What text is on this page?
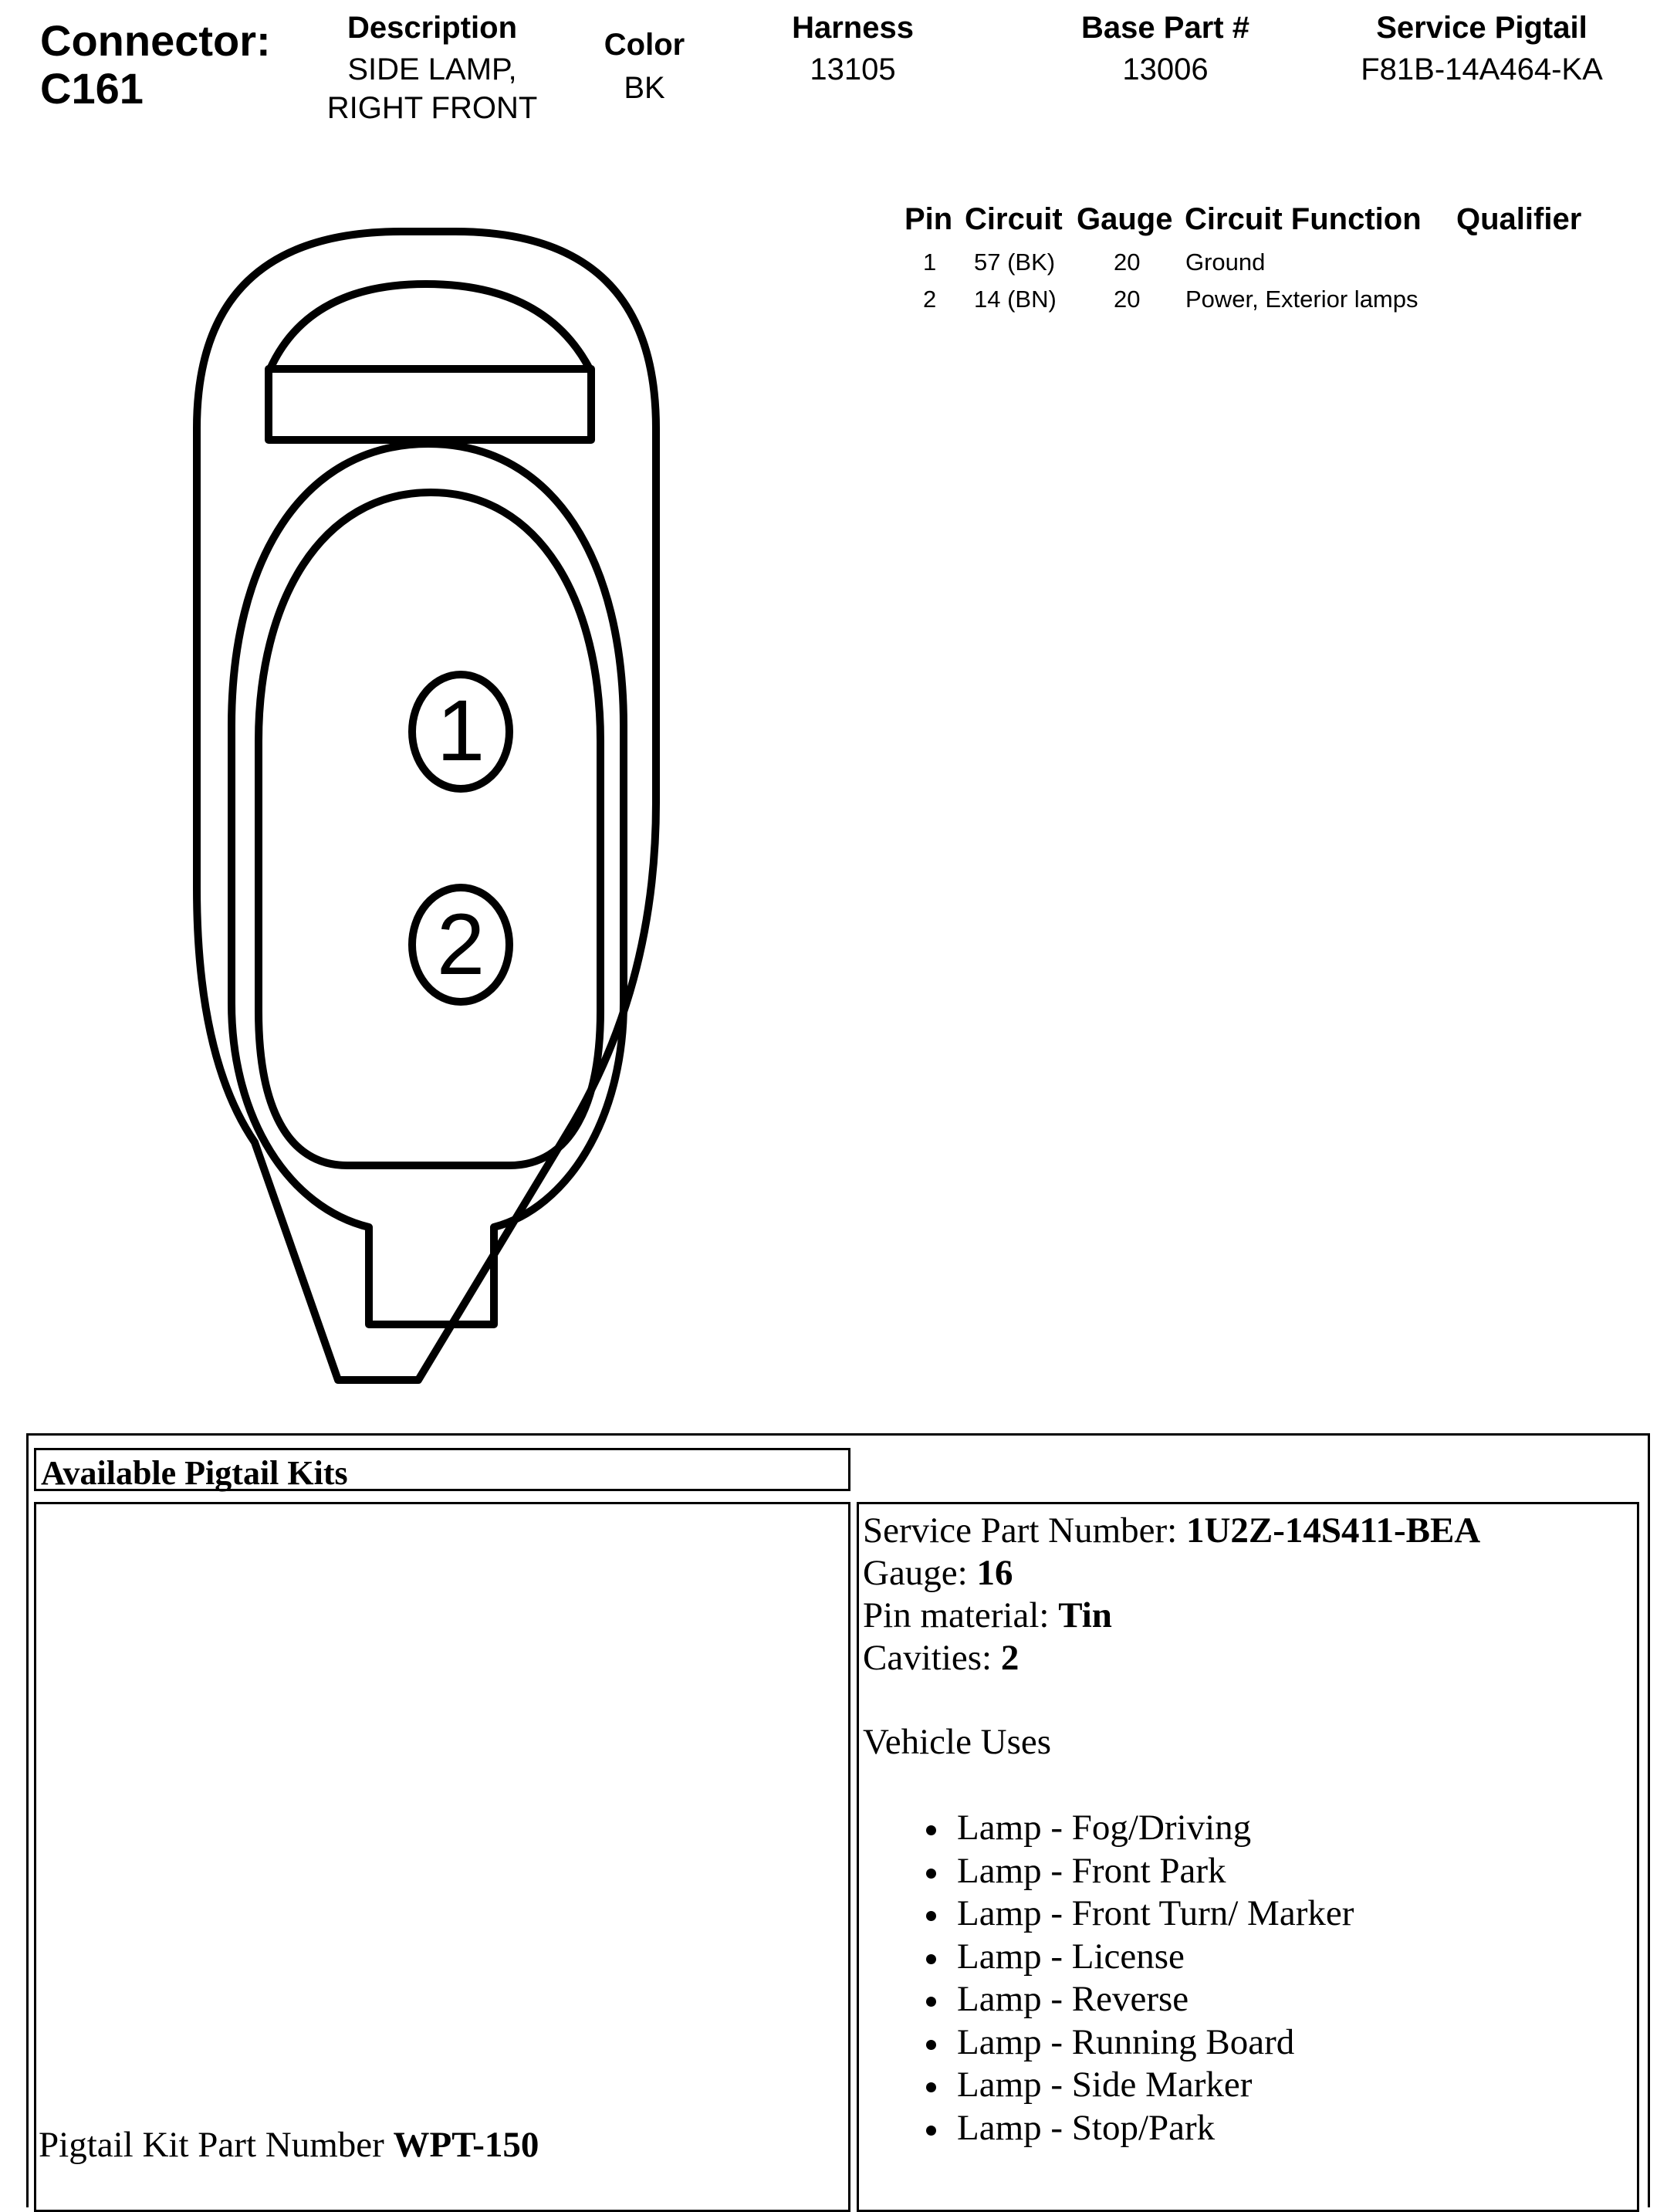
Connector:
C161
Description
SIDE LAMP,
RIGHT FRONT
Color
BK
Harness
13105
Base Part #
13006
Service Pigtail
F81B-14A464-KA
Pin Circuit Gauge Circuit Function Qualifier
1 57 (BK) 20 Ground
2 14 (BN) 20 Power, Exterior lamps
1
2
Available Pigtail Kits
Pigtail Kit Part Number WPT-150
Service Part Number: 1U2Z-14S411-BEA
Gauge: 16
Pin material: Tin
Cavities: 2
Vehicle Uses
Lamp - Fog/Driving
Lamp - Front Park
Lamp - Front Turn/ Marker
Lamp - License
Lamp - Reverse
Lamp - Running Board
Lamp - Side Marker
Lamp - Stop/Park
